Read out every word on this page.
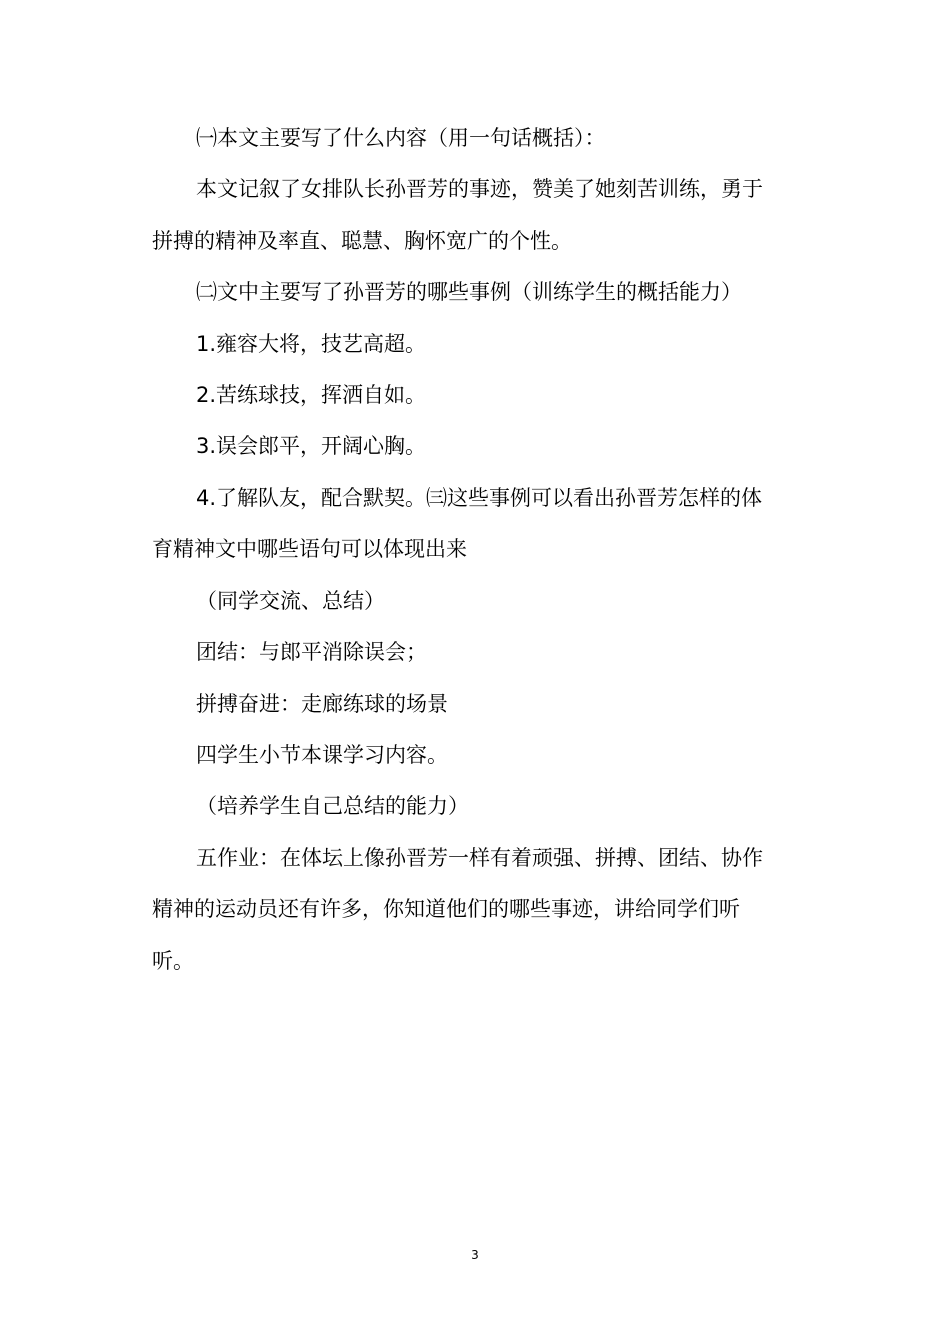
㈠本文主要写了什么内容（用一句话概括）：
本文记叙了女排队长孙晋芳的事迹，赞美了她刻苦训练，勇于
拼搏的精神及率直、聪慧、胸怀宽广的个性。
㈡文中主要写了孙晋芳的哪些事例（训练学生的概括能力）
1.雍容大将，技艺高超。
2.苦练球技，挥洒自如。
3.误会郎平，开阔心胸。
4.了解队友，配合默契。㈢这些事例可以看出孙晋芳怎样的体
育精神文中哪些语句可以体现出来
（同学交流、总结）
团结：与郎平消除误会；
拼搏奋进：走廊练球的场景
四学生小节本课学习内容。
（培养学生自己总结的能力）
五作业：在体坛上像孙晋芳一样有着顽强、拼搏、团结、协作
精神的运动员还有许多，你知道他们的哪些事迹，讲给同学们听
听。
3
